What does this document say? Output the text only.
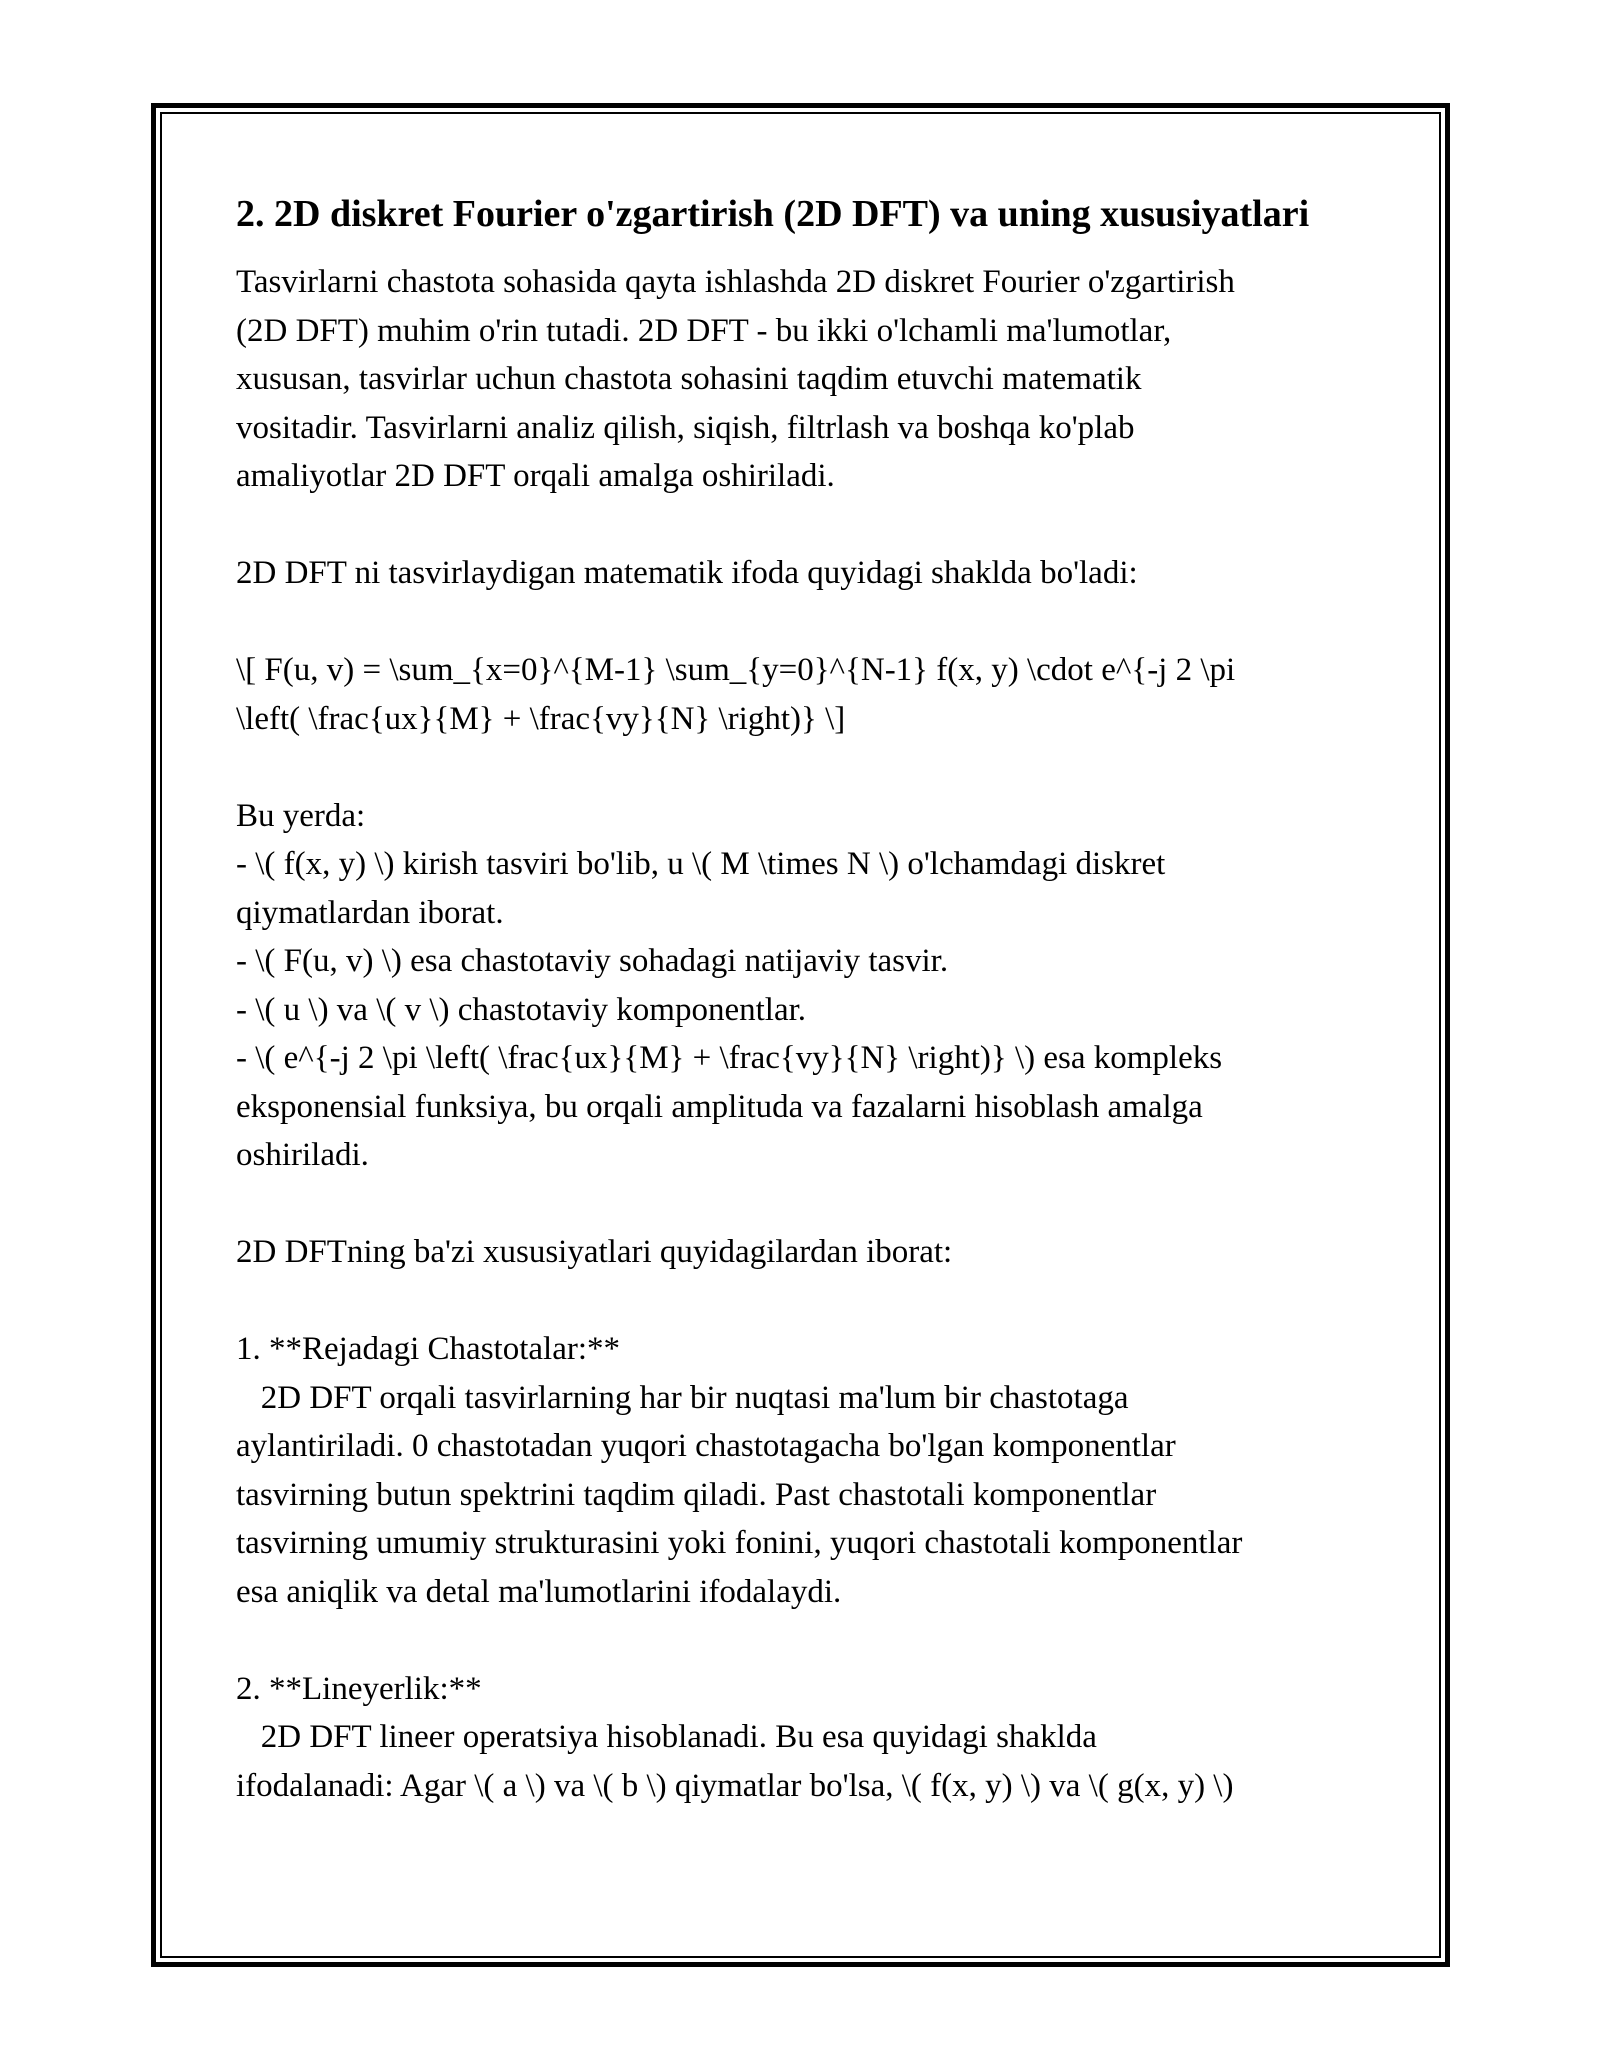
2. 2D diskret Fourier o'zgartirish (2D DFT) va uning xususiyatlari

Tasvirlarni chastota sohasida qayta ishlashda 2D diskret Fourier o'zgartirish
(2D DFT) muhim o'rin tutadi. 2D DFT - bu ikki o'lchamli ma'lumotlar,
xususan, tasvirlar uchun chastota sohasini taqdim etuvchi matematik
vositadir. Tasvirlarni analiz qilish, siqish, filtrlash va boshqa ko'plab
amaliyotlar 2D DFT orqali amalga oshiriladi.

2D DFT ni tasvirlaydigan matematik ifoda quyidagi shaklda bo'ladi:

\[ F(u, v) = \sum_{x=0}^{M-1} \sum_{y=0}^{N-1} f(x, y) \cdot e^{-j 2 \pi
\left( \frac{ux}{M} + \frac{vy}{N} \right)} \]

Bu yerda:
- \( f(x, y) \) kirish tasviri bo'lib, u \( M \times N \) o'lchamdagi diskret
qiymatlardan iborat.
- \( F(u, v) \) esa chastotaviy sohadagi natijaviy tasvir.
- \( u \) va \( v \) chastotaviy komponentlar.
- \( e^{-j 2 \pi \left( \frac{ux}{M} + \frac{vy}{N} \right)} \) esa kompleks
eksponensial funksiya, bu orqali amplituda va fazalarni hisoblash amalga
oshiriladi.

2D DFTning ba'zi xususiyatlari quyidagilardan iborat:

1. **Rejadagi Chastotalar:**
2D DFT orqali tasvirlarning har bir nuqtasi ma'lum bir chastotaga
aylantiriladi. 0 chastotadan yuqori chastotagacha bo'lgan komponentlar
tasvirning butun spektrini taqdim qiladi. Past chastotali komponentlar
tasvirning umumiy strukturasini yoki fonini, yuqori chastotali komponentlar
esa aniqlik va detal ma'lumotlarini ifodalaydi.

2. **Lineyerlik:**
2D DFT lineer operatsiya hisoblanadi. Bu esa quyidagi shaklda
ifodalanadi: Agar \( a \) va \( b \) qiymatlar bo'lsa, \( f(x, y) \) va \( g(x, y) \)
